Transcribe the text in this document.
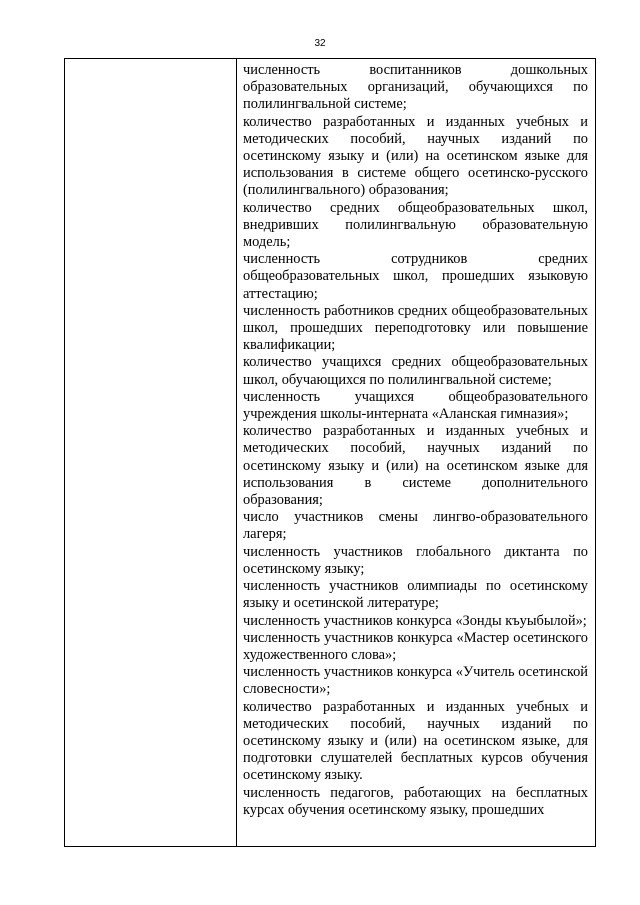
32

численность воспитанников дошкольных образовательных организаций, обучающихся по полилингвальной системе;

количество разработанных и изданных учебных и методических пособий, научных изданий по осетинскому языку и (или) на осетинском языке для использования в системе общего осетинско-русского (полилингвального) образования;

количество средних общеобразовательных школ, внедривших полилингвальную образовательную модель;

численность сотрудников средних общеобразовательных школ, прошедших языковую аттестацию;

численность работников средних общеобразовательных школ, прошедших переподготовку или повышение квалификации;

количество учащихся средних общеобразовательных школ, обучающихся по полилингвальной системе;

численность учащихся общеобразовательного учреждения школы-интерната «Аланская гимназия»;

количество разработанных и изданных учебных и методических пособий, научных изданий по осетинскому языку и (или) на осетинском языке для использования в системе дополнительного образования;

число участников смены лингво-образовательного лагеря;

численность участников глобального диктанта по осетинскому языку;

численность участников олимпиады по осетинскому языку и осетинской литературе;

численность участников конкурса «Зонды къуыбылой»;

численность участников конкурса «Мастер осетинского художественного слова»;

численность участников конкурса «Учитель осетинской словесности»;

количество разработанных и изданных учебных и методических пособий, научных изданий по осетинскому языку и (или) на осетинском языке, для подготовки слушателей бесплатных курсов обучения осетинскому языку.

численность педагогов, работающих на бесплатных курсах обучения осетинскому языку, прошедших
